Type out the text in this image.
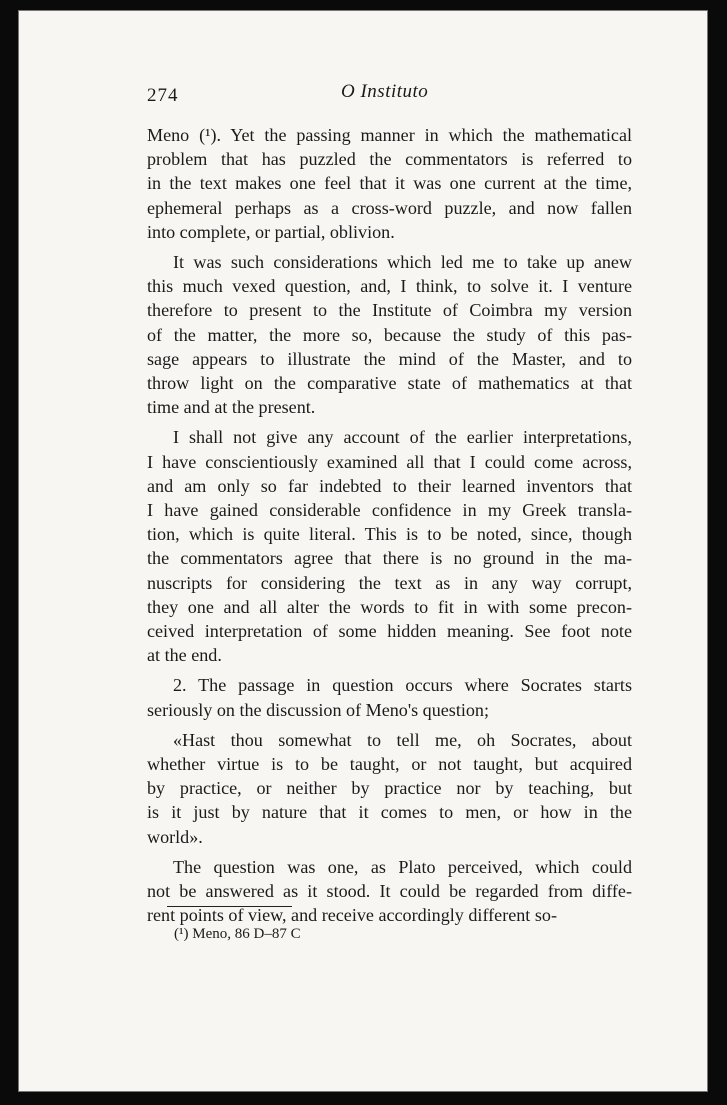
274	O Instituto
Meno (¹). Yet the passing manner in which the mathematical
problem that has puzzled the commentators is referred to
in the text makes one feel that it was one current at the time,
ephemeral perhaps as a cross-word puzzle, and now fallen
into complete, or partial, oblivion.
It was such considerations which led me to take up anew
this much vexed question, and, I think, to solve it. I venture
therefore to present to the Institute of Coimbra my version
of the matter, the more so, because the study of this pas-
sage appears to illustrate the mind of the Master, and to
throw light on the comparative state of mathematics at that
time and at the present.
I shall not give any account of the earlier interpretations,
I have conscientiously examined all that I could come across,
and am only so far indebted to their learned inventors that
I have gained considerable confidence in my Greek transla-
tion, which is quite literal. This is to be noted, since, though
the commentators agree that there is no ground in the ma-
nuscripts for considering the text as in any way corrupt,
they one and all alter the words to fit in with some precon-
ceived interpretation of some hidden meaning. See foot note
at the end.
2. The passage in question occurs where Socrates starts
seriously on the discussion of Meno's question;
«Hast thou somewhat to tell me, oh Socrates, about
whether virtue is to be taught, or not taught, but acquired
by practice, or neither by practice nor by teaching, but
is it just by nature that it comes to men, or how in the
world».
The question was one, as Plato perceived, which could
not be answered as it stood. It could be regarded from diffe-
rent points of view, and receive accordingly different so-
(¹) Meno, 86 D–87 C
